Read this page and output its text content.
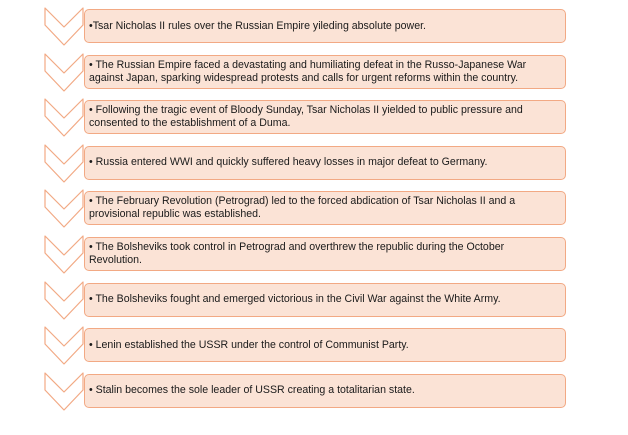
•Tsar Nicholas II rules over the Russian Empire yileding absolute power.
• The Russian Empire faced a devastating and humiliating defeat in the Russo-Japanese War against Japan, sparking widespread protests and calls for urgent reforms within the country.
• Following the tragic event of Bloody Sunday, Tsar Nicholas II yielded to public pressure and consented to the establishment of a Duma.
• Russia entered WWI and quickly suffered heavy losses in major defeat to Germany.
• The February Revolution (Petrograd) led to the forced abdication of Tsar Nicholas II and a provisional republic was established.
• The Bolsheviks took control in Petrograd and overthrew the republic during the October Revolution.
• The Bolsheviks fought and emerged victorious in the Civil War against the White Army.
• Lenin established the USSR under the control of Communist Party.
• Stalin becomes the sole leader of USSR creating a totalitarian state.
